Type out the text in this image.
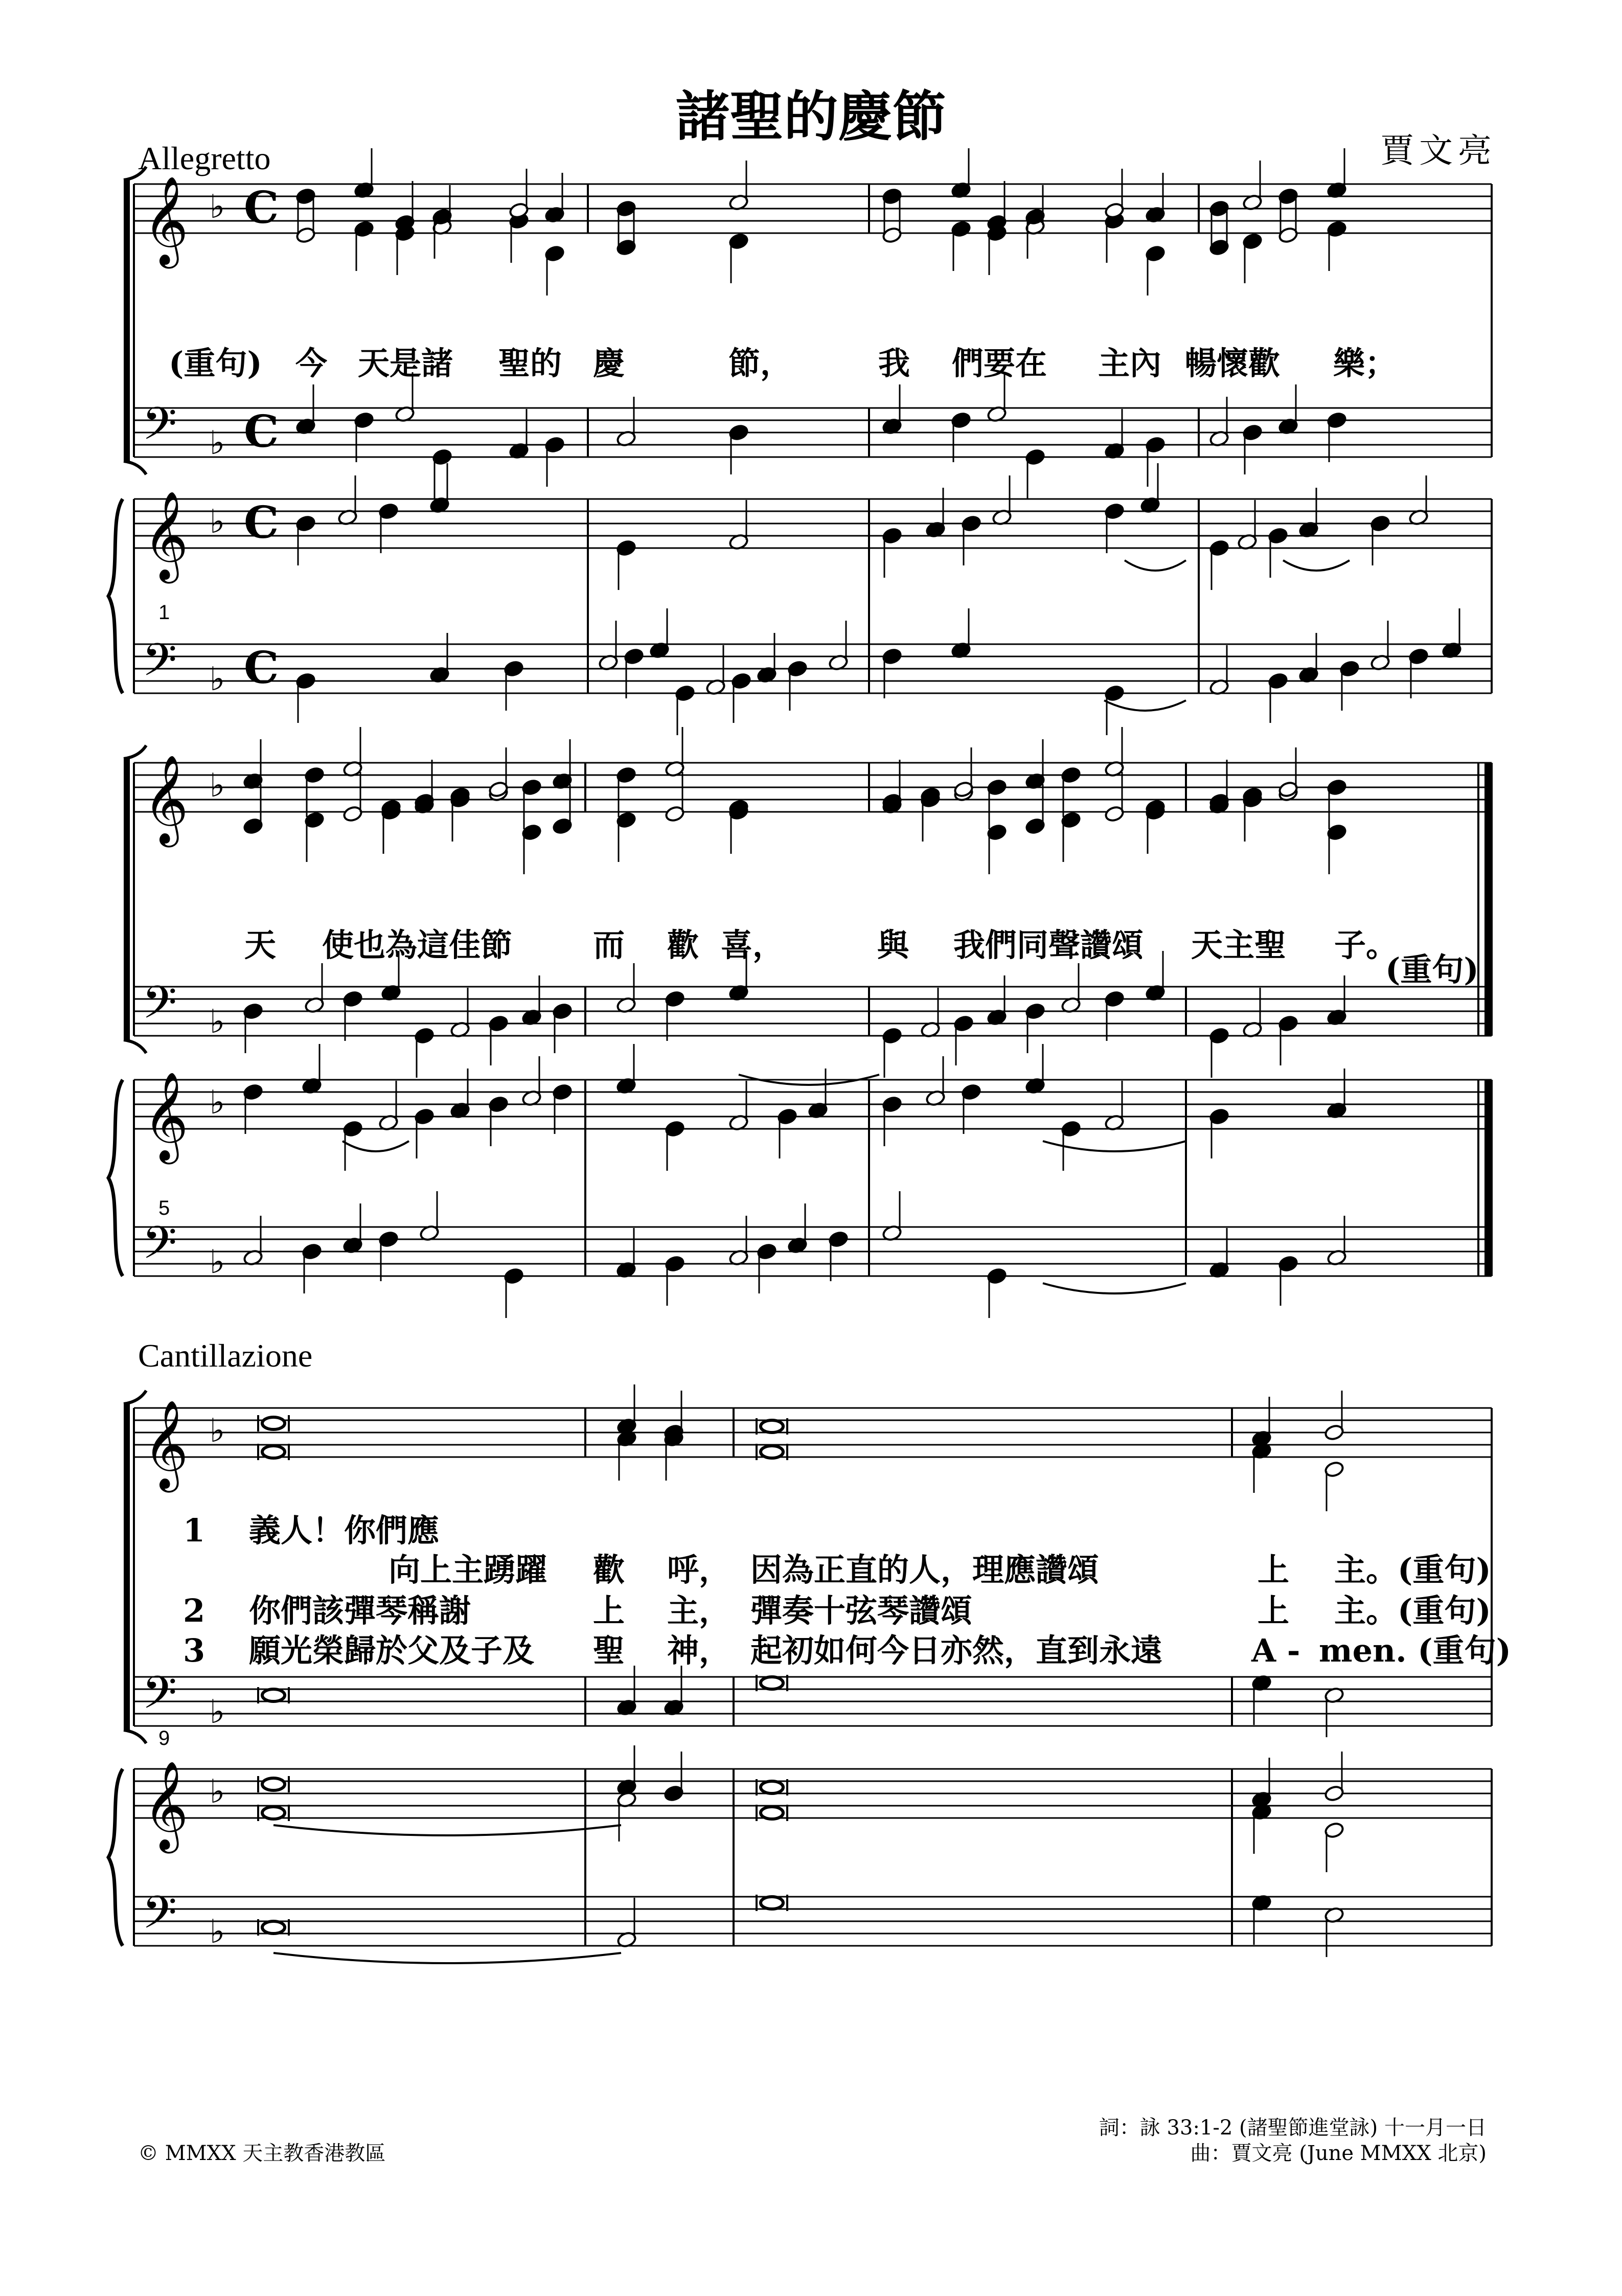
𝄞 ♭
𝄢 ♭
𝄞 ♭
𝄢 ♭
C
C
C
C
𝄞 ♭
𝄢 ♭
𝄞 ♭
𝄢 ♭
𝄞 ♭
𝄢 ♭
𝄞 ♭
𝄢 ♭
諸聖的慶節
賈文亮
Allegretto
Cantillazione
(重句) 今 天是諸 聖的 慶	節，	我 們要在 主內 暢懷歡 樂；
天 使也為這佳節	而 歡 喜，	與 我們同聲讚頌 天主聖 子。
(重句)
1
5
9
1 義人！你們應
向上主踴躍 歡 呼， 因為正直的人，理應讚頌	上 主。(重句)
2 你們該彈琴稱謝	上 主， 彈奏十弦琴讚頌	上 主。(重句)
3 願光榮歸於父及子及 聖 神， 起初如何今日亦然，直到永遠	A - men. (重句)
詞：詠 33:1-2 (諸聖節進堂詠) 十一月一日
曲：賈文亮 (June MMXX 北京)
© MMXX 天主教香港教區
